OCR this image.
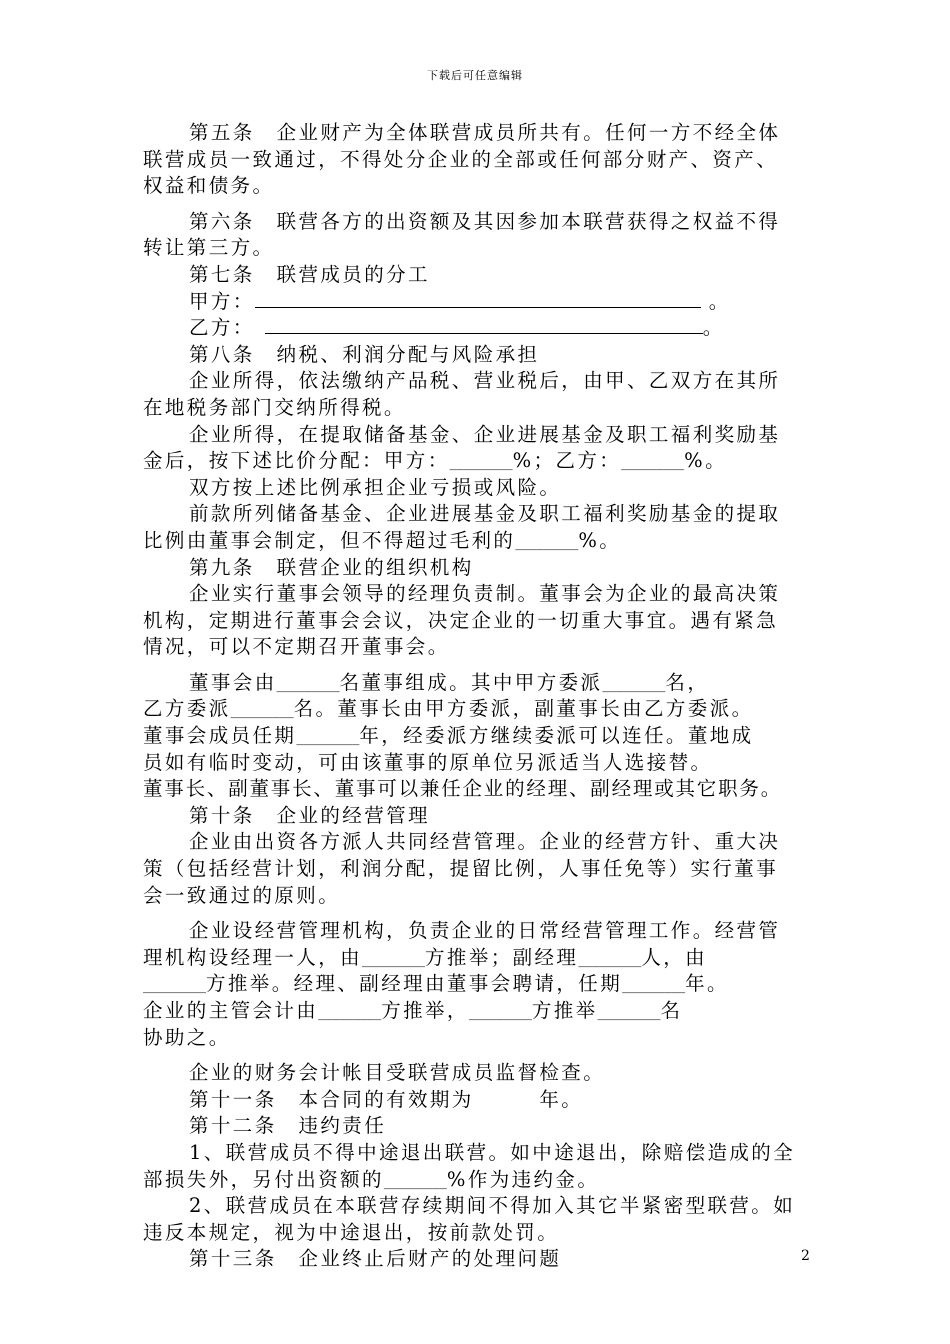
下载后可任意编辑
第五条　企业财产为全体联营成员所共有。任何一方不经全体
联营成员一致通过，不得处分企业的全部或任何部分财产、资产、
权益和债务。
第六条　联营各方的出资额及其因参加本联营获得之权益不得
转让第三方。
第七条　联营成员的分工
甲方：	。
乙方：	。
第八条　纳税、利润分配与风险承担
企业所得，依法缴纳产品税、营业税后，由甲、乙双方在其所
在地税务部门交纳所得税。
企业所得，在提取储备基金、企业进展基金及职工福利奖励基
金后，按下述比价分配：甲方：_________%；乙方：_________%。
双方按上述比例承担企业亏损或风险。
前款所列储备基金、企业进展基金及职工福利奖励基金的提取
比例由董事会制定，但不得超过毛利的_________%。
第九条　联营企业的组织机构
企业实行董事会领导的经理负责制。董事会为企业的最高决策
机构，定期进行董事会会议，决定企业的一切重大事宜。遇有紧急
情况，可以不定期召开董事会。
董事会由_________名董事组成。其中甲方委派_________名，
乙方委派_________名。董事长由甲方委派，副董事长由乙方委派。
董事会成员任期_________年，经委派方继续委派可以连任。董地成
员如有临时变动，可由该董事的原单位另派适当人选接替。
董事长、副董事长、董事可以兼任企业的经理、副经理或其它职务。
第十条　企业的经营管理
企业由出资各方派人共同经营管理。企业的经营方针、重大决
策（包括经营计划，利润分配，提留比例，人事任免等）实行董事
会一致通过的原则。
企业设经营管理机构，负责企业的日常经营管理工作。经营管
理机构设经理一人，由_________方推举；副经理_________人，由
_________方推举。经理、副经理由董事会聘请，任期_________年。
企业的主管会计由_________方推举，_________方推举_________名
协助之。
企业的财务会计帐目受联营成员监督检查。
第十一条　本合同的有效期为　　　年。
第十二条　违约责任
1、联营成员不得中途退出联营。如中途退出，除赔偿造成的全
部损失外，另付出资额的_________%作为违约金。
2、联营成员在本联营存续期间不得加入其它半紧密型联营。如
违反本规定，视为中途退出，按前款处罚。
第十三条　企业终止后财产的处理问题	2
